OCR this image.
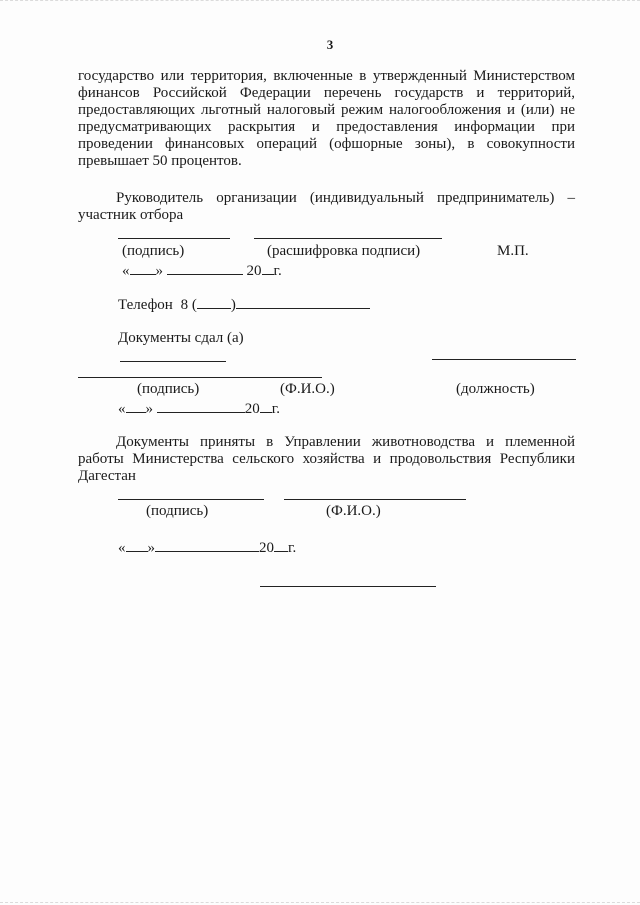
3
государство или территория, включенные в утвержденный Министерством
финансов Российской Федерации перечень государств и территорий,
предоставляющих льготный налоговый режим налогообложения и (или) не
предусматривающих раскрытия и предоставления информации при
проведении финансовых операций (офшорные зоны), в совокупности
превышает 50 процентов.
Руководитель организации (индивидуальный предприниматель) –
участник отбора
(подпись)	(расшифровка подписи)	М.П.
« »	20 г.
Телефон 8 ( )
Документы сдал (а)
(подпись)	(Ф.И.О.)	(должность)
« »	20 г.
Документы приняты в Управлении животноводства и племенной
работы Министерства сельского хозяйства и продовольствия Республики
Дагестан
(подпись)	(Ф.И.О.)
« »	20 г.
